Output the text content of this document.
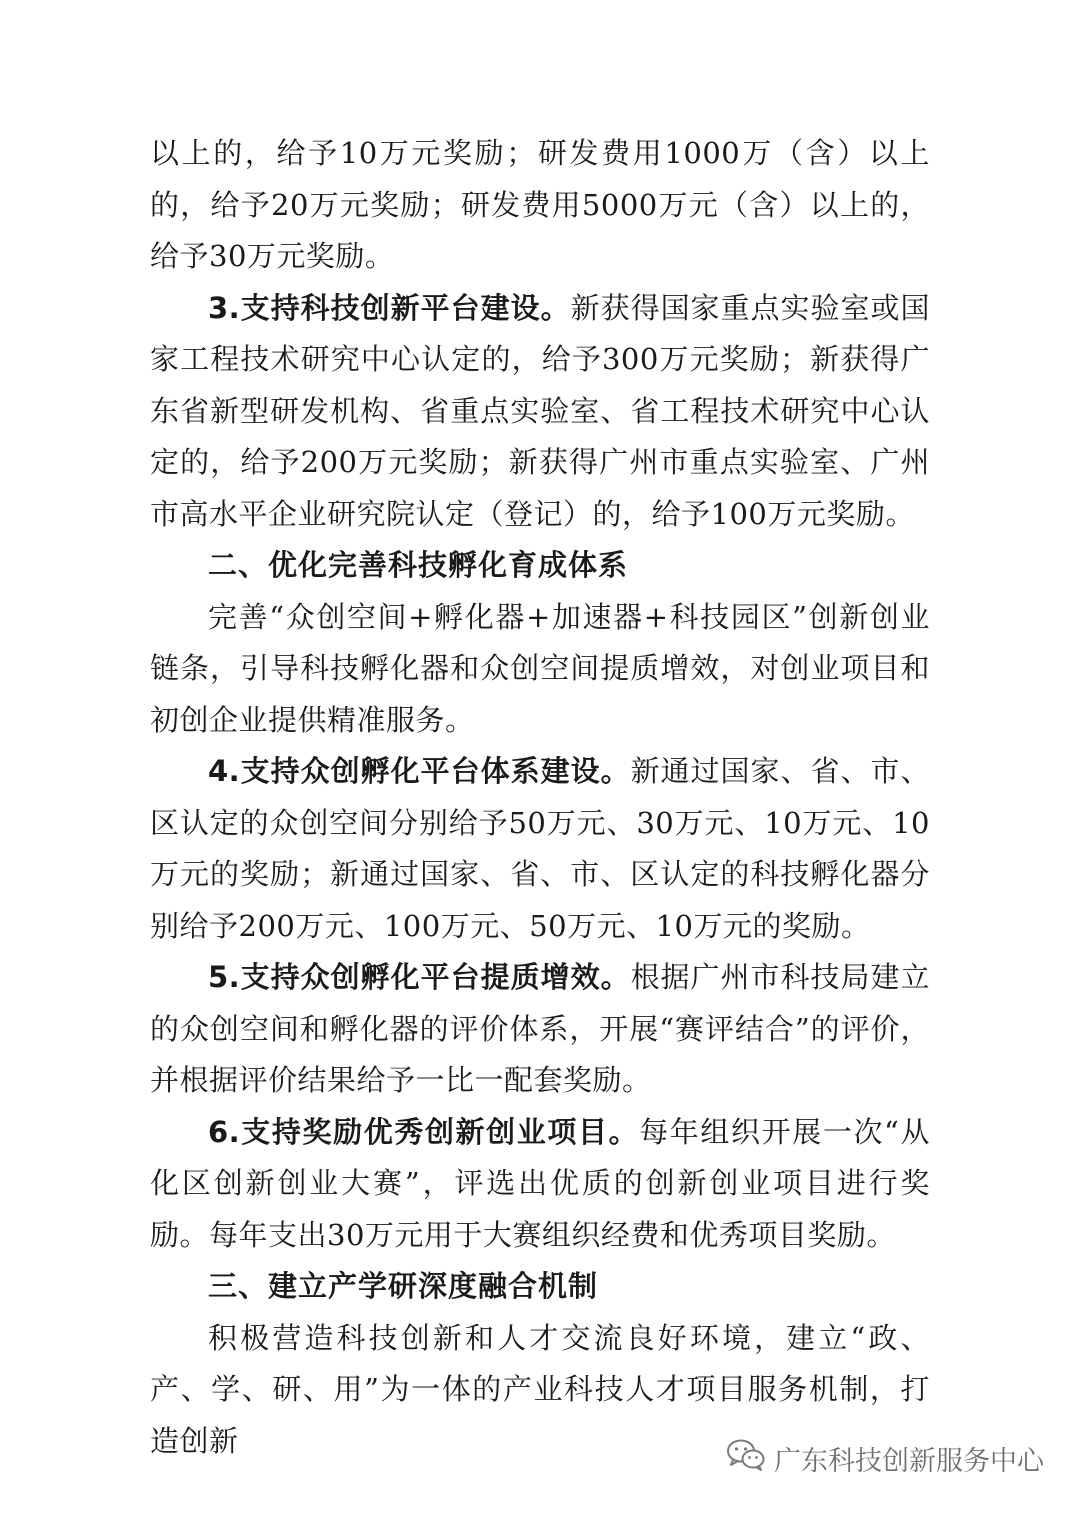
以上的，给予10万元奖励；研发费用1000万（含）以上的，给予20万元奖励；研发费用5000万元（含）以上的，给予30万元奖励。

3.支持科技创新平台建设。新获得国家重点实验室或国家工程技术研究中心认定的，给予300万元奖励；新获得广东省新型研发机构、省重点实验室、省工程技术研究中心认定的，给予200万元奖励；新获得广州市重点实验室、广州市高水平企业研究院认定（登记）的，给予100万元奖励。

二、优化完善科技孵化育成体系

完善“众创空间+孵化器+加速器+科技园区”创新创业链条，引导科技孵化器和众创空间提质增效，对创业项目和初创企业提供精准服务。

4.支持众创孵化平台体系建设。新通过国家、省、市、区认定的众创空间分别给予50万元、30万元、10万元、10万元的奖励；新通过国家、省、市、区认定的科技孵化器分别给予200万元、100万元、50万元、10万元的奖励。

5.支持众创孵化平台提质增效。根据广州市科技局建立的众创空间和孵化器的评价体系，开展“赛评结合”的评价，并根据评价结果给予一比一配套奖励。

6.支持奖励优秀创新创业项目。每年组织开展一次“从化区创新创业大赛”，评选出优质的创新创业项目进行奖励。每年支出30万元用于大赛组织经费和优秀项目奖励。

三、建立产学研深度融合机制

积极营造科技创新和人才交流良好环境，建立“政、产、学、研、用”为一体的产业科技人才项目服务机制，打造创新

广东科技创新服务中心
